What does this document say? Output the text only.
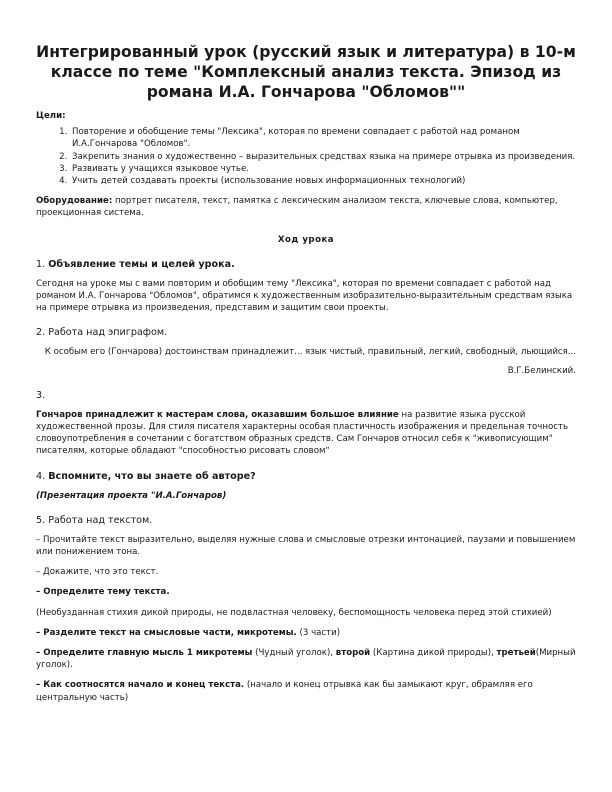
Интегрированный урок (русский язык и литература) в 10-м классе по теме "Комплексный анализ текста. Эпизод из романа И.А. Гончарова "Обломов""

Цели:

1. Повторение и обобщение темы "Лексика", которая по времени совпадает с работой над романом И.А.Гончарова "Обломов".
2. Закрепить знания о художественно – выразительных средствах языка на примере отрывка из произведения.
3. Развивать у учащихся языковое чутье.
4. Учить детей создавать проекты (использование новых информационных технологий)

Оборудование: портрет писателя, текст, памятка с лексическим анализом текста, ключевые слова, компьютер, проекционная система.

Ход урока

1. Объявление темы и целей урока.

Сегодня на уроке мы с вами повторим и обобщим тему "Лексика", которая по времени совпадает с работой над романом И.А. Гончарова "Обломов", обратимся к художественным изобразительно-выразительным средствам языка на примере отрывка из произведения, представим и защитим свои проекты.

2. Работа над эпиграфом.

К особым его (Гончарова) достоинствам принадлежит... язык чистый, правильный, легкий, свободный, льющийся...

В.Г.Белинский.

3.

Гончаров принадлежит к мастерам слова, оказавшим большое влияние на развитие языка русской художественной прозы. Для стиля писателя характерны особая пластичность изображения и предельная точность словоупотребления в сочетании с богатством образных средств. Сам Гончаров относил себя к "живописующим" писателям, которые обладают "способностью рисовать словом"

4. Вспомните, что вы знаете об авторе?

(Презентация проекта "И.А.Гончаров)

5. Работа над текстом.

– Прочитайте текст выразительно, выделяя нужные слова и смысловые отрезки интонацией, паузами и повышением или понижением тона.

– Докажите, что это текст.

– Определите тему текста.

(Необузданная стихия дикой природы, не подвластная человеку, беспомощность человека перед этой стихией)

– Разделите текст на смысловые части, микротемы. (3 части)

– Определите главную мысль 1 микротемы (Чудный уголок), второй (Картина дикой природы), третьей(Мирный уголок).

– Как соотносятся начало и конец текста. (начало и конец отрывка как бы замыкают круг, обрамляя его центральную часть)
